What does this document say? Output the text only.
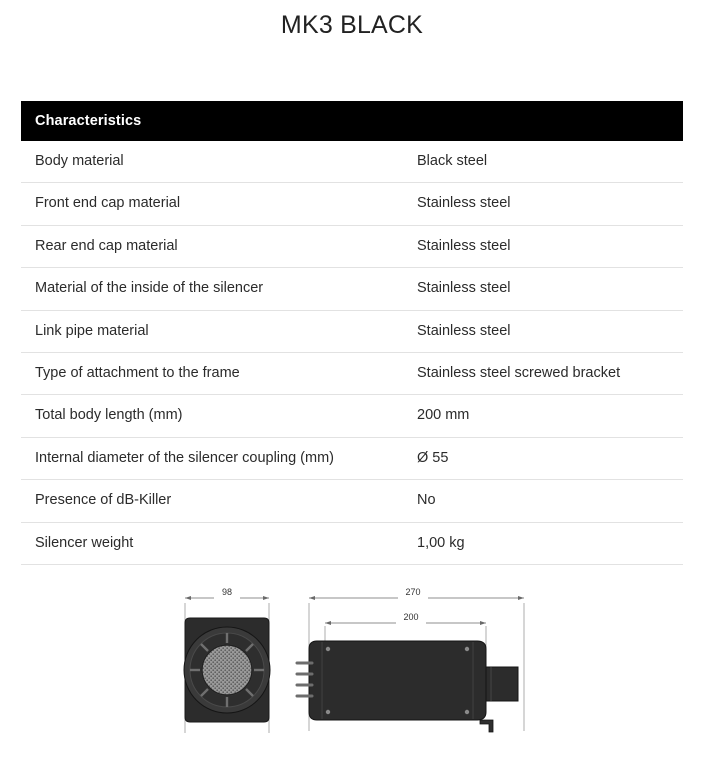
MK3 BLACK
Characteristics	
Body material	Black steel
Front end cap material	Stainless steel
Rear end cap material	Stainless steel
Material of the inside of the silencer	Stainless steel
Link pipe material	Stainless steel
Type of attachment to the frame	Stainless steel screwed bracket
Total body length (mm)	200 mm
Internal diameter of the silencer coupling (mm)	Ø 55
Presence of dB-Killer	No
Silencer weight	1,00 kg
98	270
200
